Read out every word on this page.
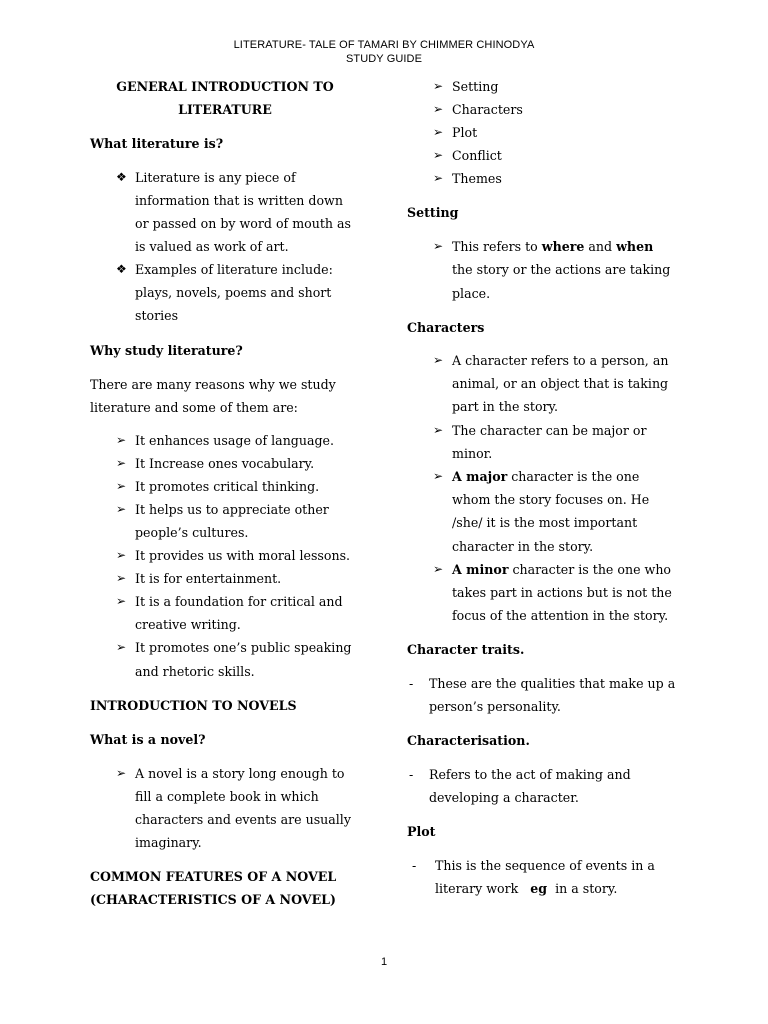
LITERATURE- TALE OF TAMARI BY CHIMMER CHINODYA
STUDY GUIDE
GENERAL INTRODUCTION TO
LITERATURE
What literature is?
❖ Literature is any piece of
information that is written down
or passed on by word of mouth as
is valued as work of art.
❖ Examples of literature include:
plays, novels, poems and short
stories
Why study literature?
There are many reasons why we study
literature and some of them are:
➢ It enhances usage of language.
➢ It Increase ones vocabulary.
➢ It promotes critical thinking.
➢ It helps us to appreciate other
people’s cultures.
➢ It provides us with moral lessons.
➢ It is for entertainment.
➢ It is a foundation for critical and
creative writing.
➢ It promotes one’s public speaking
and rhetoric skills.
INTRODUCTION TO NOVELS
What is a novel?
➢ A novel is a story long enough to
fill a complete book in which
characters and events are usually
imaginary.
COMMON FEATURES OF A NOVEL
(CHARACTERISTICS OF A NOVEL)
➢ Setting
➢ Characters
➢ Plot
➢ Conflict
➢ Themes
Setting
➢ This refers to where and when
the story or the actions are taking
place.
Characters
➢ A character refers to a person, an
animal, or an object that is taking
part in the story.
➢ The character can be major or
minor.
➢ A major character is the one
whom the story focuses on. He
/she/ it is the most important
character in the story.
➢ A minor character is the one who
takes part in actions but is not the
focus of the attention in the story.
Character traits.
- These are the qualities that make up a
person’s personality.
Characterisation.
- Refers to the act of making and
developing a character.
Plot
- This is the sequence of events in a
literary work   eg  in a story.
1
